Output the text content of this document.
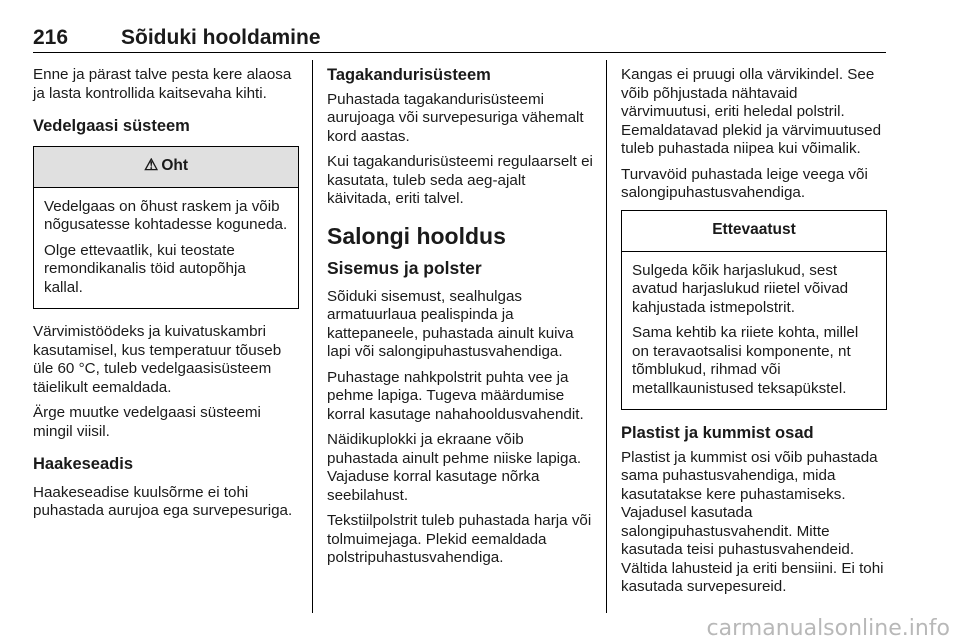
216	Sõiduki hooldamine

Enne ja pärast talve pesta kere alaosa ja lasta kontrollida kaitsevaha kihti.

Vedelgaasi süsteem
⚠ Oht

Vedelgaas on õhust raskem ja võib nõgusatesse kohtadesse koguneda.

Olge ettevaatlik, kui teostate remondikanalis töid autopõhja kallal.

Värvimistöödeks ja kuivatuskambri kasutamisel, kus temperatuur tõuseb üle 60 °C, tuleb vedelgaasisüsteem täielikult eemaldada.

Ärge muutke vedelgaasi süsteemi mingil viisil.

Haakeseadis

Haakeseadise kuulsõrme ei tohi puhastada aurujoa ega survepesuriga.

Tagakandurisüsteem

Puhastada tagakandurisüsteemi aurujoaga või survepesuriga vähemalt kord aastas.

Kui tagakandurisüsteemi regulaarselt ei kasutata, tuleb seda aeg-ajalt käivitada, eriti talvel.

Salongi hooldus
Sisemus ja polster

Sõiduki sisemust, sealhulgas armatuurlaua pealispinda ja kattepaneele, puhastada ainult kuiva lapi või salongipuhastusvahendiga.

Puhastage nahkpolstrit puhta vee ja pehme lapiga. Tugeva määrdumise korral kasutage nahahooldusvahendit.

Näidikuplokki ja ekraane võib puhastada ainult pehme niiske lapiga. Vajaduse korral kasutage nõrka seebilahust.

Tekstiilpolstrit tuleb puhastada harja või tolmuimejaga. Plekid eemaldada polstripuhastusvahendiga.

Kangas ei pruugi olla värvikindel. See võib põhjustada nähtavaid värvimuutusi, eriti heledal polstril. Eemaldatavad plekid ja värvimuutused tuleb puhastada niipea kui võimalik.

Turvavöid puhastada leige veega või salongipuhastusvahendiga.

Ettevaatust

Sulgeda kõik harjaslukud, sest avatud harjaslukud riietel võivad kahjustada istmepolstrit.

Sama kehtib ka riiete kohta, millel on teravaotsalisi komponente, nt tõmblukud, rihmad või metallkaunistused teksapükstel.

Plastist ja kummist osad

Plastist ja kummist osi võib puhastada sama puhastusvahendiga, mida kasutatakse kere puhastamiseks. Vajadusel kasutada salongipuhastusvahendit. Mitte kasutada teisi puhastusvahendeid. Vältida lahusteid ja eriti bensiini. Ei tohi kasutada survepesureid.

carmanualsonline.info
